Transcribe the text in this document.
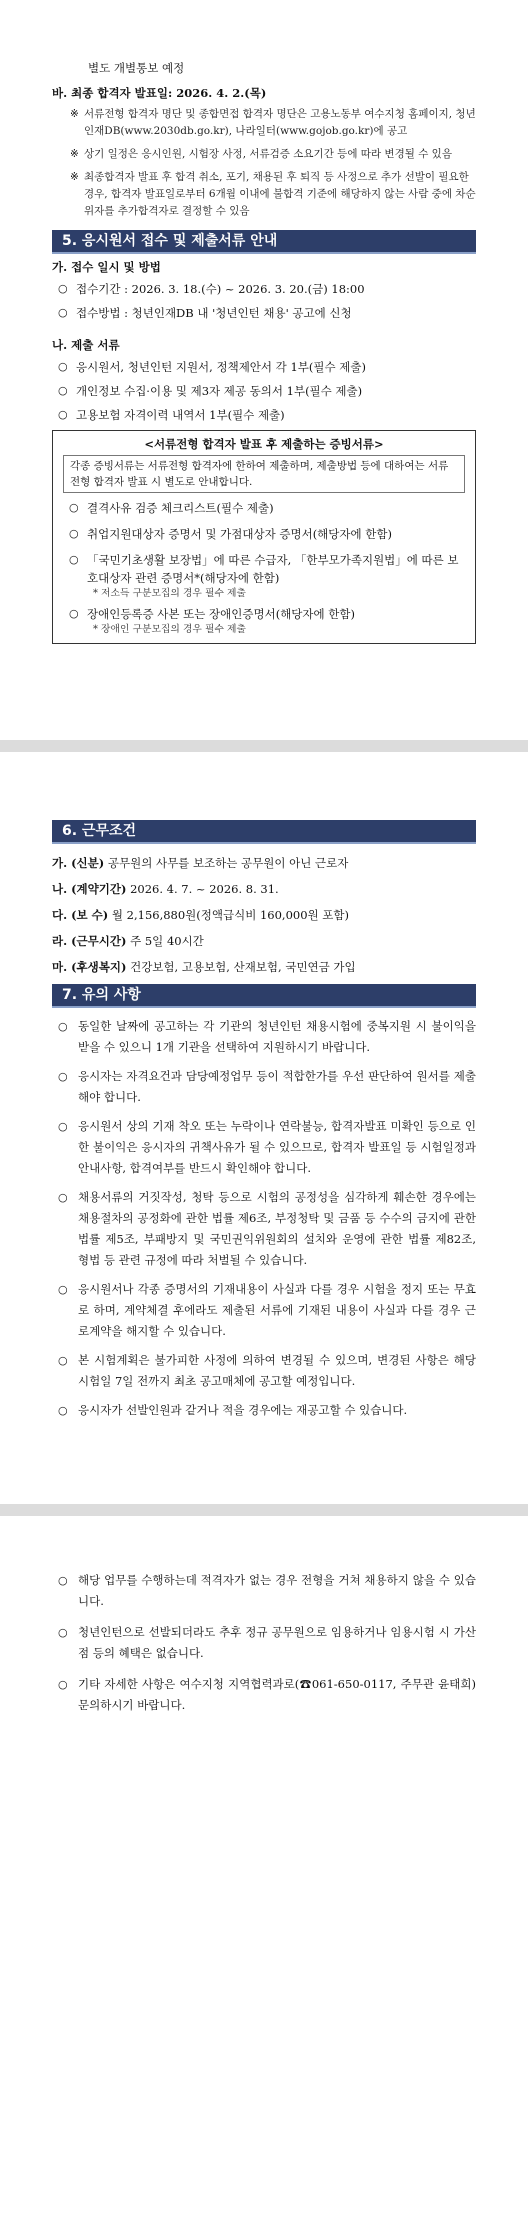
별도 개별통보 예정
바. 최종 합격자 발표일: 2026. 4. 2.(목)
※ 서류전형 합격자 명단 및 종합면접 합격자 명단은 고용노동부 여수지청 홈페이지, 청년인재DB(www.2030db.go.kr), 나라일터(www.gojob.go.kr)에 공고
※ 상기 일정은 응시인원, 시험장 사정, 서류검증 소요기간 등에 따라 변경될 수 있음
※ 최종합격자 발표 후 합격 취소, 포기, 채용된 후 퇴직 등 사정으로 추가 선발이 필요한 경우, 합격자 발표일로부터 6개월 이내에 불합격 기준에 해당하지 않는 사람 중에 차순위자를 추가합격자로 결정할 수 있음
5. 응시원서 접수 및 제출서류 안내
가. 접수 일시 및 방법
○ 접수기간 : 2026. 3. 18.(수) ~ 2026. 3. 20.(금) 18:00
○ 접수방법 : 청년인재DB 내 '청년인턴 채용' 공고에 신청
나. 제출 서류
○ 응시원서, 청년인턴 지원서, 정책제안서 각 1부(필수 제출)
○ 개인정보 수집·이용 및 제3자 제공 동의서 1부(필수 제출)
○ 고용보험 자격이력 내역서 1부(필수 제출)
<서류전형 합격자 발표 후 제출하는 증빙서류>
각종 증빙서류는 서류전형 합격자에 한하여 제출하며, 제출방법 등에 대하여는 서류전형 합격자 발표 시 별도로 안내합니다.
○ 결격사유 검증 체크리스트(필수 제출)
○ 취업지원대상자 증명서 및 가점대상자 증명서(해당자에 한함)
○ 「국민기초생활 보장법」에 따른 수급자, 「한부모가족지원법」에 따른 보호대상자 관련 증명서*(해당자에 한함)
* 저소득 구분모집의 경우 필수 제출
○ 장애인등록증 사본 또는 장애인증명서(해당자에 한함)
* 장애인 구분모집의 경우 필수 제출
6. 근무조건
가. (신분) 공무원의 사무를 보조하는 공무원이 아닌 근로자
나. (계약기간) 2026. 4. 7. ~ 2026. 8. 31.
다. (보 수) 월 2,156,880원(정액급식비 160,000원 포함)
라. (근무시간) 주 5일 40시간
마. (후생복지) 건강보험, 고용보험, 산재보험, 국민연금 가입
7. 유의 사항
○ 동일한 날짜에 공고하는 각 기관의 청년인턴 채용시험에 중복지원 시 불이익을 받을 수 있으니 1개 기관을 선택하여 지원하시기 바랍니다.
○ 응시자는 자격요건과 담당예정업무 등이 적합한가를 우선 판단하여 원서를 제출해야 합니다.
○ 응시원서 상의 기재 착오 또는 누락이나 연락불능, 합격자발표 미확인 등으로 인한 불이익은 응시자의 귀책사유가 될 수 있으므로, 합격자 발표일 등 시험일정과 안내사항, 합격여부를 반드시 확인해야 합니다.
○ 채용서류의 거짓작성, 청탁 등으로 시험의 공정성을 심각하게 훼손한 경우에는 채용절차의 공정화에 관한 법률 제6조, 부정청탁 및 금품 등 수수의 금지에 관한 법률 제5조, 부패방지 및 국민권익위원회의 설치와 운영에 관한 법률 제82조, 형법 등 관련 규정에 따라 처벌될 수 있습니다.
○ 응시원서나 각종 증명서의 기재내용이 사실과 다를 경우 시험을 정지 또는 무효로 하며, 계약체결 후에라도 제출된 서류에 기재된 내용이 사실과 다를 경우 근로계약을 해지할 수 있습니다.
○ 본 시험계획은 불가피한 사정에 의하여 변경될 수 있으며, 변경된 사항은 해당 시험일 7일 전까지 최초 공고매체에 공고할 예정입니다.
○ 응시자가 선발인원과 같거나 적을 경우에는 재공고할 수 있습니다.
○ 해당 업무를 수행하는데 적격자가 없는 경우 전형을 거쳐 채용하지 않을 수 있습니다.
○ 청년인턴으로 선발되더라도 추후 정규 공무원으로 임용하거나 임용시험 시 가산점 등의 혜택은 없습니다.
○ 기타 자세한 사항은 여수지청 지역협력과로(☎061-650-0117, 주무관 윤태희) 문의하시기 바랍니다.
